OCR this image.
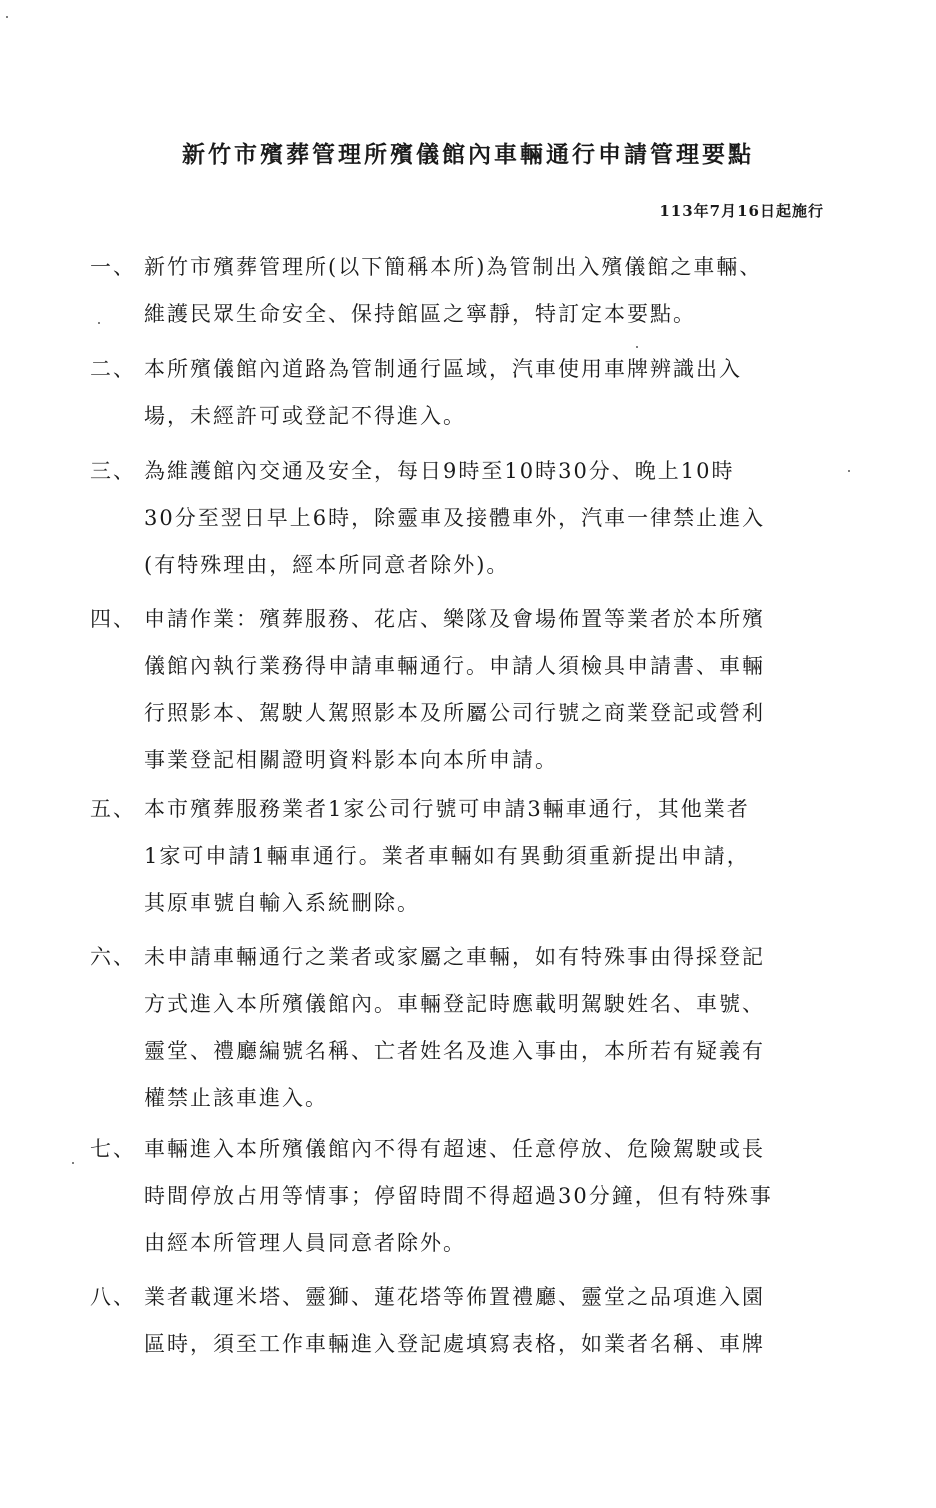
新竹市殯葬管理所殯儀館內車輛通行申請管理要點
113年7月16日起施行
一、 新竹市殯葬管理所(以下簡稱本所)為管制出入殯儀館之車輛、
維護民眾生命安全、保持館區之寧靜，特訂定本要點。
二、 本所殯儀館內道路為管制通行區域，汽車使用車牌辨識出入
場，未經許可或登記不得進入。
三、 為維護館內交通及安全，每日9時至10時30分、晚上10時
30分至翌日早上6時，除靈車及接體車外，汽車一律禁止進入
(有特殊理由，經本所同意者除外)。
四、 申請作業：殯葬服務、花店、樂隊及會場佈置等業者於本所殯
儀館內執行業務得申請車輛通行。申請人須檢具申請書、車輛
行照影本、駕駛人駕照影本及所屬公司行號之商業登記或營利
事業登記相關證明資料影本向本所申請。
五、 本市殯葬服務業者1家公司行號可申請3輛車通行，其他業者
1家可申請1輛車通行。業者車輛如有異動須重新提出申請，
其原車號自輸入系統刪除。
六、 未申請車輛通行之業者或家屬之車輛，如有特殊事由得採登記
方式進入本所殯儀館內。車輛登記時應載明駕駛姓名、車號、
靈堂、禮廳編號名稱、亡者姓名及進入事由，本所若有疑義有
權禁止該車進入。
七、 車輛進入本所殯儀館內不得有超速、任意停放、危險駕駛或長
時間停放占用等情事；停留時間不得超過30分鐘，但有特殊事
由經本所管理人員同意者除外。
八、 業者載運米塔、靈獅、蓮花塔等佈置禮廳、靈堂之品項進入園
區時，須至工作車輛進入登記處填寫表格，如業者名稱、車牌
